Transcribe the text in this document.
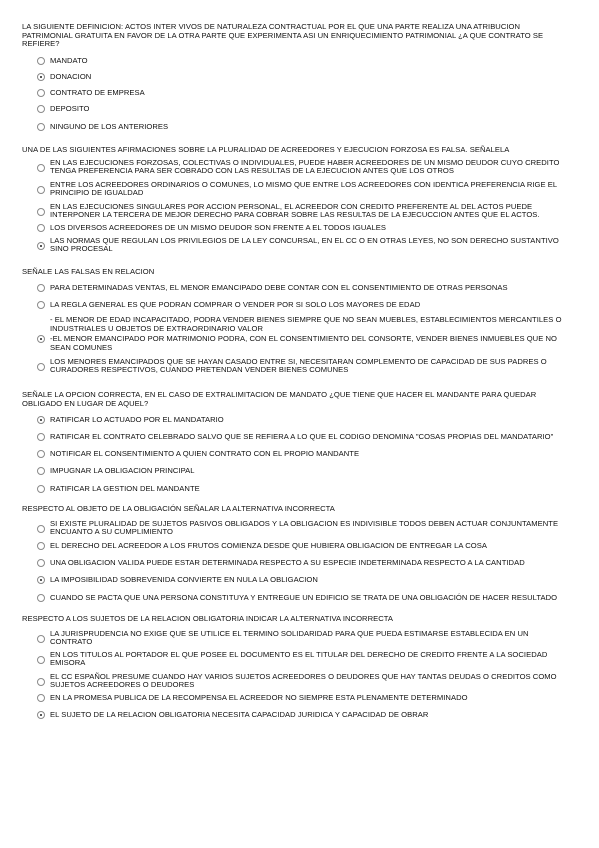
LA SIGUIENTE DEFINICION: ACTOS INTER VIVOS DE NATURALEZA CONTRACTUAL POR EL QUE UNA PARTE REALIZA UNA ATRIBUCION PATRIMONIAL GRATUITA EN FAVOR DE LA OTRA PARTE QUE EXPERIMENTA ASI UN ENRIQUECIMIENTO PATRIMONIAL ¿A QUE CONTRATO SE REFIERE?

MANDATO
DONACION
CONTRATO DE EMPRESA
DEPOSITO
NINGUNO DE LOS ANTERIORES

UNA DE LAS SIGUIENTES AFIRMACIONES SOBRE LA PLURALIDAD DE ACREEDORES Y EJECUCION FORZOSA ES FALSA. SEÑALELA

EN LAS EJECUCIONES FORZOSAS, COLECTIVAS O INDIVIDUALES, PUEDE HABER ACREEDORES DE UN MISMO DEUDOR CUYO CREDITO TENGA PREFERENCIA PARA SER COBRADO CON LAS RESULTAS DE LA EJECUCION ANTES QUE LOS OTROS
ENTRE LOS ACREEDORES ORDINARIOS O COMUNES, LO MISMO QUE ENTRE LOS ACREEDORES CON IDENTICA PREFERENCIA RIGE EL PRINCIPIO DE IGUALDAD
EN LAS EJECUCIONES SINGULARES POR ACCION PERSONAL, EL ACREEDOR CON CREDITO PREFERENTE AL DEL ACTOS PUEDE INTERPONER LA TERCERA DE MEJOR DERECHO PARA COBRAR SOBRE LAS RESULTAS DE LA EJECUCCION ANTES QUE EL ACTOS.
LOS DIVERSOS ACREEDORES DE UN MISMO DEUDOR SON FRENTE A EL TODOS IGUALES
LAS NORMAS QUE REGULAN LOS PRIVILEGIOS DE LA LEY CONCURSAL, EN EL CC O EN OTRAS LEYES, NO SON DERECHO SUSTANTIVO SINO PROCESAL

SEÑALE LAS FALSAS EN RELACION

PARA DETERMINADAS VENTAS, EL MENOR EMANCIPADO DEBE CONTAR CON EL CONSENTIMIENTO DE OTRAS PERSONAS
LA REGLA GENERAL ES QUE PODRAN COMPRAR O VENDER POR SI SOLO LOS MAYORES DE EDAD
- EL MENOR DE EDAD INCAPACITADO, PODRA VENDER BIENES SIEMPRE QUE NO SEAN MUEBLES, ESTABLECIMIENTOS MERCANTILES O INDUSTRIALES U OBJETOS DE EXTRAORDINARIO VALOR
-EL MENOR EMANCIPADO POR MATRIMONIO PODRA, CON EL CONSENTIMIENTO DEL CONSORTE, VENDER BIENES INMUEBLES QUE NO SEAN COMUNES
LOS MENORES EMANCIPADOS QUE SE HAYAN CASADO ENTRE SI, NECESITARAN COMPLEMENTO DE CAPACIDAD DE SUS PADRES O CURADORES RESPECTIVOS, CUANDO PRETENDAN VENDER BIENES COMUNES

SEÑALE LA OPCION CORRECTA, EN EL CASO DE EXTRALIMITACION DE MANDATO ¿QUE TIENE QUE HACER EL MANDANTE PARA QUEDAR OBLIGADO EN LUGAR DE AQUEL?

RATIFICAR LO ACTUADO POR EL MANDATARIO
RATIFICAR EL CONTRATO CELEBRADO SALVO QUE SE REFIERA A LO QUE EL CODIGO DENOMINA "COSAS PROPIAS DEL MANDATARIO"
NOTIFICAR EL CONSENTIMIENTO A QUIEN CONTRATO CON EL PROPIO MANDANTE
IMPUGNAR LA OBLIGACION PRINCIPAL
RATIFICAR LA GESTION DEL MANDANTE

RESPECTO AL OBJETO DE LA OBLIGACIÓN SEÑALAR LA ALTERNATIVA INCORRECTA

SI EXISTE PLURALIDAD DE SUJETOS PASIVOS OBLIGADOS Y LA OBLIGACION ES INDIVISIBLE TODOS DEBEN ACTUAR CONJUNTAMENTE ENCUANTO A SU CUMPLIMIENTO
EL DERECHO DEL ACREEDOR A LOS FRUTOS COMIENZA DESDE QUE HUBIERA OBLIGACION DE ENTREGAR LA COSA
UNA OBLIGACION VALIDA PUEDE ESTAR DETERMINADA RESPECTO A SU ESPECIE INDETERMINADA RESPECTO A LA CANTIDAD
LA IMPOSIBILIDAD SOBREVENIDA CONVIERTE EN NULA LA OBLIGACION
CUANDO SE PACTA QUE UNA PERSONA CONSTITUYA Y ENTREGUE UN EDIFICIO SE TRATA DE UNA OBLIGACIÓN DE HACER RESULTADO

RESPECTO A LOS SUJETOS DE LA RELACION OBLIGATORIA INDICAR LA ALTERNATIVA INCORRECTA

LA JURISPRUDENCIA NO EXIGE QUE SE UTILICE EL TERMINO SOLIDARIDAD PARA QUE PUEDA ESTIMARSE ESTABLECIDA EN UN CONTRATO
EN LOS TITULOS AL PORTADOR EL QUE POSEE EL DOCUMENTO ES EL TITULAR DEL DERECHO DE CREDITO FRENTE A LA SOCIEDAD EMISORA
EL CC ESPAÑOL PRESUME CUANDO HAY VARIOS SUJETOS ACREEDORES O DEUDORES QUE HAY TANTAS DEUDAS O CREDITOS COMO SUJETOS ACREEDORES O DEUDORES
EN LA PROMESA PUBLICA DE LA RECOMPENSA EL ACREEDOR NO SIEMPRE ESTA PLENAMENTE DETERMINADO
EL SUJETO DE LA RELACION OBLIGATORIA NECESITA CAPACIDAD JURIDICA Y CAPACIDAD DE OBRAR
